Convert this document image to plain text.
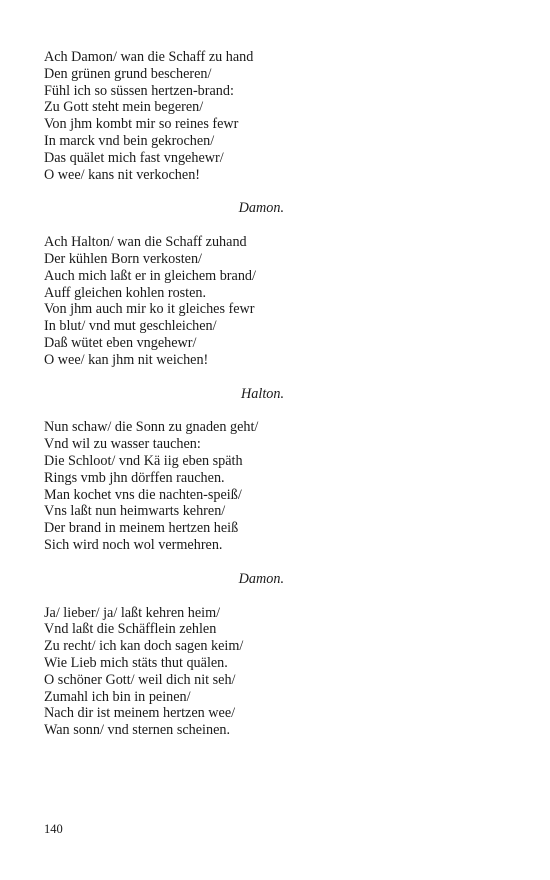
Ach Damon/ wan die Schaff zu hand
Den grünen grund bescheren/
Fühl ich so süssen hertzen-brand:
Zu Gott steht mein begeren/
Von jhm kombt mir so reines fewr
In marck vnd bein gekrochen/
Das quälet mich fast vngehewr/
O wee/ kans nit verkochen!
Damon.
Ach Halton/ wan die Schaff zuhand
Der kühlen Born verkosten/
Auch mich laßt er in gleichem brand/
Auff gleichen kohlen rosten.
Von jhm auch mir ko it gleiches fewr
In blut/ vnd mut geschleichen/
Daß wütet eben vngehewr/
O wee/ kan jhm nit weichen!
Halton.
Nun schaw/ die Sonn zu gnaden geht/
Vnd wil zu wasser tauchen:
Die Schloot/ vnd Kä iig eben späth
Rings vmb jhn dörffen rauchen.
Man kochet vns die nachten-speiß/
Vns laßt nun heimwarts kehren/
Der brand in meinem hertzen heiß
Sich wird noch wol vermehren.
Damon.
Ja/ lieber/ ja/ laßt kehren heim/
Vnd laßt die Schäfflein zehlen
Zu recht/ ich kan doch sagen keim/
Wie Lieb mich stäts thut quälen.
O schöner Gott/ weil dich nit seh/
Zumahl ich bin in peinen/
Nach dir ist meinem hertzen wee/
Wan sonn/ vnd sternen scheinen.
140
